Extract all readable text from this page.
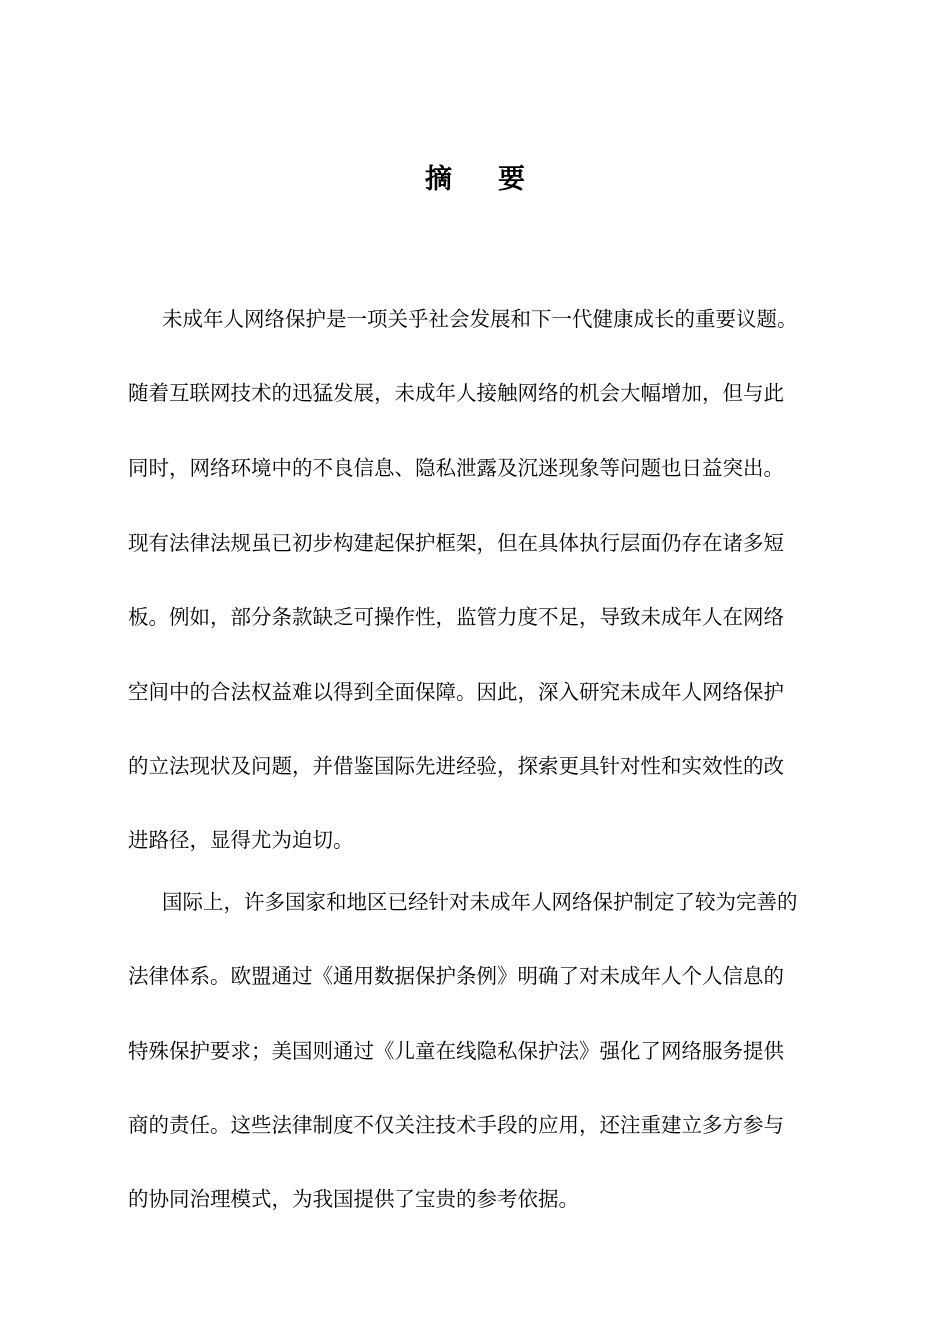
摘 要
未成年人网络保护是一项关乎社会发展和下一代健康成长的重要议题。
随着互联网技术的迅猛发展，未成年人接触网络的机会大幅增加，但与此
同时，网络环境中的不良信息、隐私泄露及沉迷现象等问题也日益突出。
现有法律法规虽已初步构建起保护框架，但在具体执行层面仍存在诸多短
板。例如，部分条款缺乏可操作性，监管力度不足，导致未成年人在网络
空间中的合法权益难以得到全面保障。因此，深入研究未成年人网络保护
的立法现状及问题，并借鉴国际先进经验，探索更具针对性和实效性的改
进路径，显得尤为迫切。
国际上，许多国家和地区已经针对未成年人网络保护制定了较为完善的
法律体系。欧盟通过《通用数据保护条例》明确了对未成年人个人信息的
特殊保护要求；美国则通过《儿童在线隐私保护法》强化了网络服务提供
商的责任。这些法律制度不仅关注技术手段的应用，还注重建立多方参与
的协同治理模式，为我国提供了宝贵的参考依据。
